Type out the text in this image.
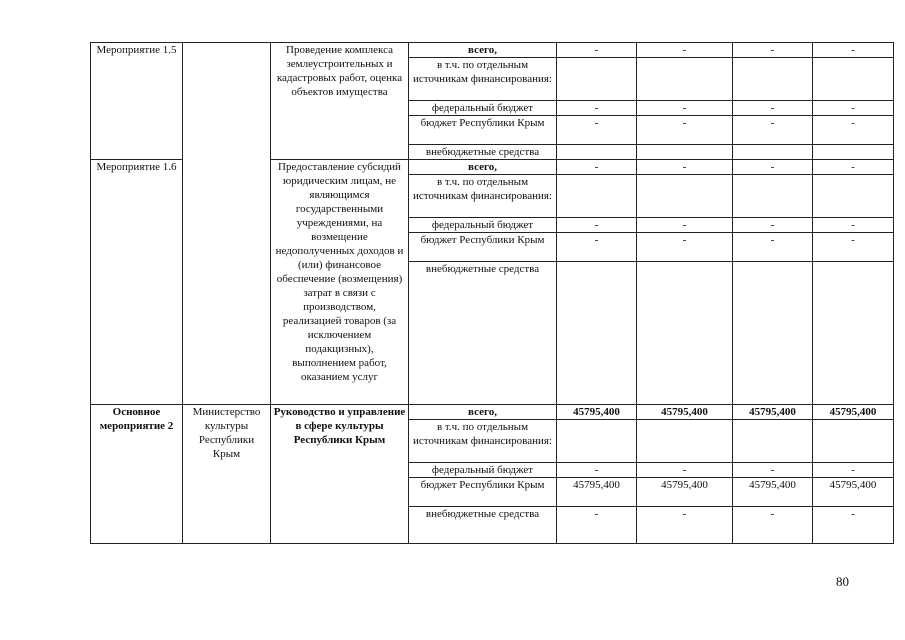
Мероприятие 1.5		Проведение комплекса землеустроительных и кадастровых работ, оценка объектов имущества	всего,	-	-	-	-
			в т.ч. по отдельным источникам финансирования:				
			федеральный бюджет	-	-	-	-
			бюджет Республики Крым	-	-	-	-
			внебюджетные средства				
Мероприятие 1.6		Предоставление субсидий юридическим лицам, не являющимся государственными учреждениями, на возмещение недополученных доходов и (или) финансовое обеспечение (возмещения) затрат в связи с производством, реализацией товаров (за исключением подакцизных), выполнением работ, оказанием услуг	всего,	-	-	-	-
			в т.ч. по отдельным источникам финансирования:				
			федеральный бюджет	-	-	-	-
			бюджет Республики Крым	-	-	-	-
			внебюджетные средства				
Основное мероприятие 2	Министерство культуры Республики Крым	Руководство и управление в сфере культуры Республики Крым	всего,	45795,400	45795,400	45795,400	45795,400
			в т.ч. по отдельным источникам финансирования:				
			федеральный бюджет	-	-	-	-
			бюджет Республики Крым	45795,400	45795,400	45795,400	45795,400
			внебюджетные средства	-	-	-	-
80
